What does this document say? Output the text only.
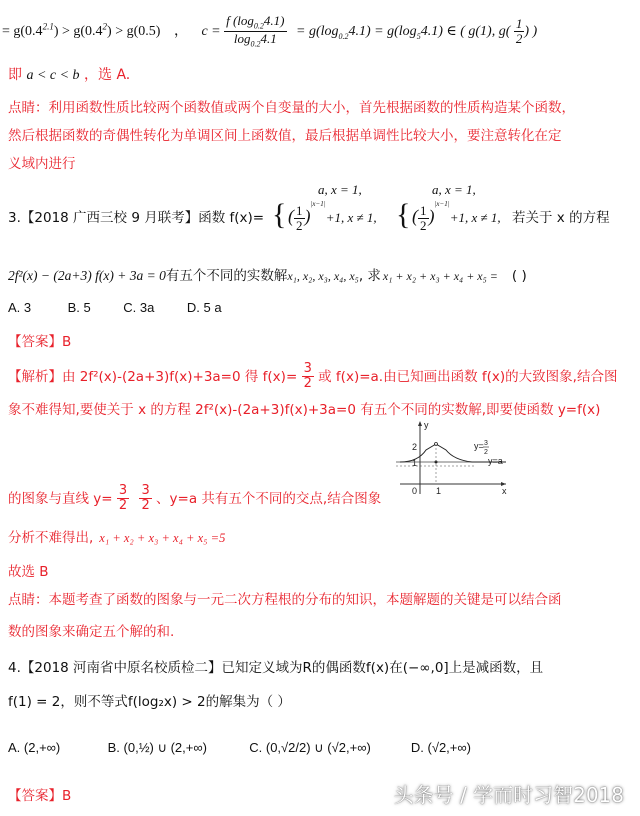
= $g(0.4^{2.1}) > g(0.4^2) > g(0.5)$ ， $c = \frac{f (\log_{0.2}4.1)}{\log_{0.2}4.1} = g(\log_{0.2}4.1) = g(\log_54.1)$ ∈ ( g(1), $g( \frac{1}{2}$ ) )
即 a < c < b ，选 A.
点睛：利用函数性质比较两个函数值或两个自变量的大小，首先根据函数的性质构造某个函数，
然后根据函数的奇偶性转化为单调区间上函数值，最后根据单调性比较大小，要注意转化在定
义域内进行
3.【2018 广西三校 9 月联考】函数 f(x)=
a, x = 1,
{ ( $\frac{1}{2} )^{|x-1|}+1$, x ≠ 1,
a, x = 1,
{ ( $\frac{1}{2} )^{|x-1|}+1$, x ≠ 1, 若关于 x 的方程
2f²(x) − (2a+3) f(x) + 3a = 0有五个不同的实数解x₁, x₂, x₃, x₄, x₅, 求 x₁ + x₂ + x₃ + x₄ + x₅ = ( )
A. 3	B. 5	C. 3a	D. 5 a
【答案】B
【解析】由 2f²(x)-(2a+3)f(x)+3a=0 得 $f(x)= \frac{3}{2}$ 或 f(x)=a.由已知画出函数 f(x)的大致图象,结合图
象不难得知,要使关于 x 的方程 2f²(x)-(2a+3)f(x)+3a=0 有五个不同的实数解,即要使函数 y=f(x)
的图象与直线 $y= \frac{3}{2}$
$\frac{3}{2}$ 、y=a 共有五个不同的交点,结合图象
分析不难得出, x₁ + x₂ + x₃ + x₄ + x₅ =5
故选 B
点睛：本题考查了函数的图象与一元二次方程根的分布的知识，本题解题的关键是可以结合函
数的图象来确定五个解的和.
y
x
0 1
2
1
y= 3
2
y=a
4.【2018 河南省中原名校质检二】已知定义域为R的偶函数f(x)在(−∞,0]上是减函数，且
f(1) = 2，则不等式f(log₂x) > 2的解集为（ ）
A. (2,+∞)	B. (0,½) ∪ (2,+∞)	C. (0,√2/2) ∪ (√2,+∞)	D. (√2,+∞)
【答案】B	头条号 / 学而时习智2018
